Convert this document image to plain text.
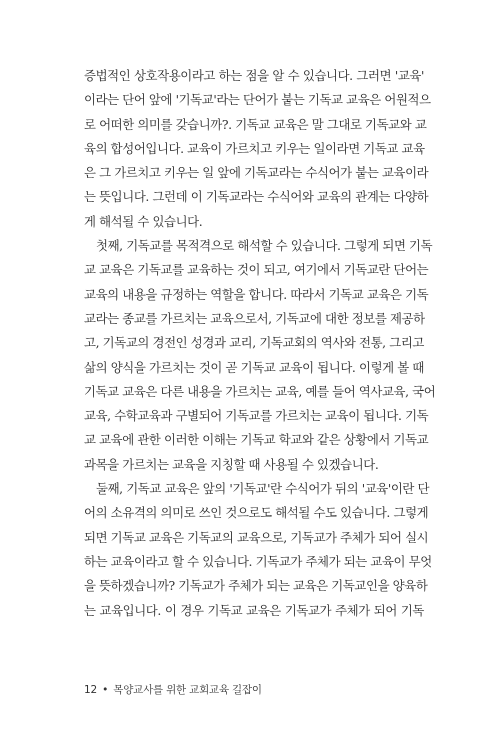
증법적인 상호작용이라고 하는 점을 알 수 있습니다. 그러면 '교육'
이라는 단어 앞에 '기독교'라는 단어가 붙는 기독교 교육은 어원적으
로 어떠한 의미를 갖습니까?. 기독교 교육은 말 그대로 기독교와 교
육의 합성어입니다. 교육이 가르치고 키우는 일이라면 기독교 교육
은 그 가르치고 키우는 일 앞에 기독교라는 수식어가 붙는 교육이라
는 뜻입니다. 그런데 이 기독교라는 수식어와 교육의 관계는 다양하
게 해석될 수 있습니다.
첫째, 기독교를 목적격으로 해석할 수 있습니다. 그렇게 되면 기독
교 교육은 기독교를 교육하는 것이 되고, 여기에서 기독교란 단어는
교육의 내용을 규정하는 역할을 합니다. 따라서 기독교 교육은 기독
교라는 종교를 가르치는 교육으로서, 기독교에 대한 정보를 제공하
고, 기독교의 경전인 성경과 교리, 기독교회의 역사와 전통, 그리고
삶의 양식을 가르치는 것이 곧 기독교 교육이 됩니다. 이렇게 볼 때
기독교 교육은 다른 내용을 가르치는 교육, 예를 들어 역사교육, 국어
교육, 수학교육과 구별되어 기독교를 가르치는 교육이 됩니다. 기독
교 교육에 관한 이러한 이해는 기독교 학교와 같은 상황에서 기독교
과목을 가르치는 교육을 지칭할 때 사용될 수 있겠습니다.
둘째, 기독교 교육은 앞의 '기독교'란 수식어가 뒤의 '교육'이란 단
어의 소유격의 의미로 쓰인 것으로도 해석될 수도 있습니다. 그렇게
되면 기독교 교육은 기독교의 교육으로, 기독교가 주체가 되어 실시
하는 교육이라고 할 수 있습니다. 기독교가 주체가 되는 교육이 무엇
을 뜻하겠습니까? 기독교가 주체가 되는 교육은 기독교인을 양육하
는 교육입니다. 이 경우 기독교 교육은 기독교가 주체가 되어 기독
12 • 목양교사를 위한 교회교육 길잡이
